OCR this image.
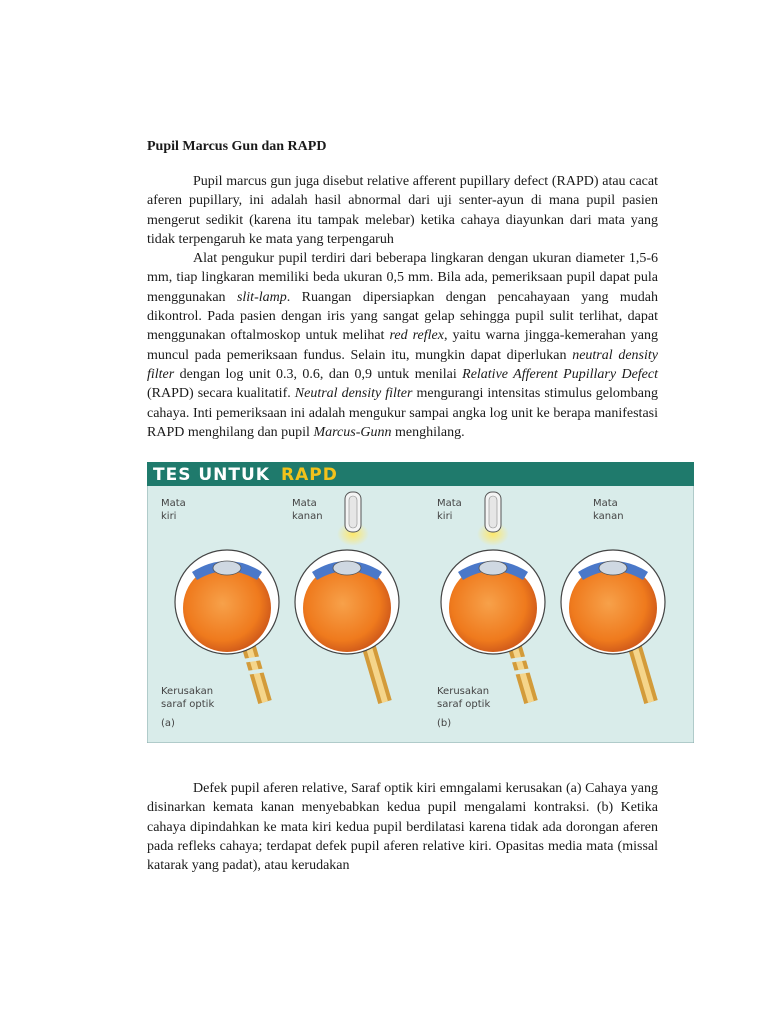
Pupil Marcus Gun dan RAPD

Pupil marcus gun juga disebut relative afferent pupillary defect (RAPD) atau cacat aferen pupillary, ini adalah hasil abnormal dari uji senter-ayun di mana pupil pasien mengerut sedikit (karena itu tampak melebar) ketika cahaya diayunkan dari mata yang tidak terpengaruh ke mata yang terpengaruh

Alat pengukur pupil terdiri dari beberapa lingkaran dengan ukuran diameter 1,5-6 mm, tiap lingkaran memiliki beda ukuran 0,5 mm. Bila ada, pemeriksaan pupil dapat pula menggunakan slit-lamp. Ruangan dipersiapkan dengan pencahayaan yang mudah dikontrol. Pada pasien dengan iris yang sangat gelap sehingga pupil sulit terlihat, dapat menggunakan oftalmoskop untuk melihat red reflex, yaitu warna jingga-kemerahan yang muncul pada pemeriksaan fundus. Selain itu, mungkin dapat diperlukan neutral density filter dengan log unit 0.3, 0.6, dan 0,9 untuk menilai Relative Afferent Pupillary Defect (RAPD) secara kualitatif. Neutral density filter mengurangi intensitas stimulus gelombang cahaya. Inti pemeriksaan ini adalah mengukur sampai angka log unit ke berapa manifestasi RAPD menghilang dan pupil Marcus-Gunn menghilang.

TES UNTUK RAPD
Mata
kiri
Mata
kanan
Mata
kiri
Mata
kanan
Kerusakan
saraf optik
(a)
Kerusakan
saraf optik
(b)

Defek pupil aferen relative, Saraf optik kiri emngalami kerusakan (a) Cahaya yang disinarkan kemata kanan menyebabkan kedua pupil mengalami kontraksi. (b) Ketika cahaya dipindahkan ke mata kiri kedua pupil berdilatasi karena tidak ada dorongan aferen pada refleks cahaya; terdapat defek pupil aferen relative kiri. Opasitas media mata (missal katarak yang padat), atau kerudakan
